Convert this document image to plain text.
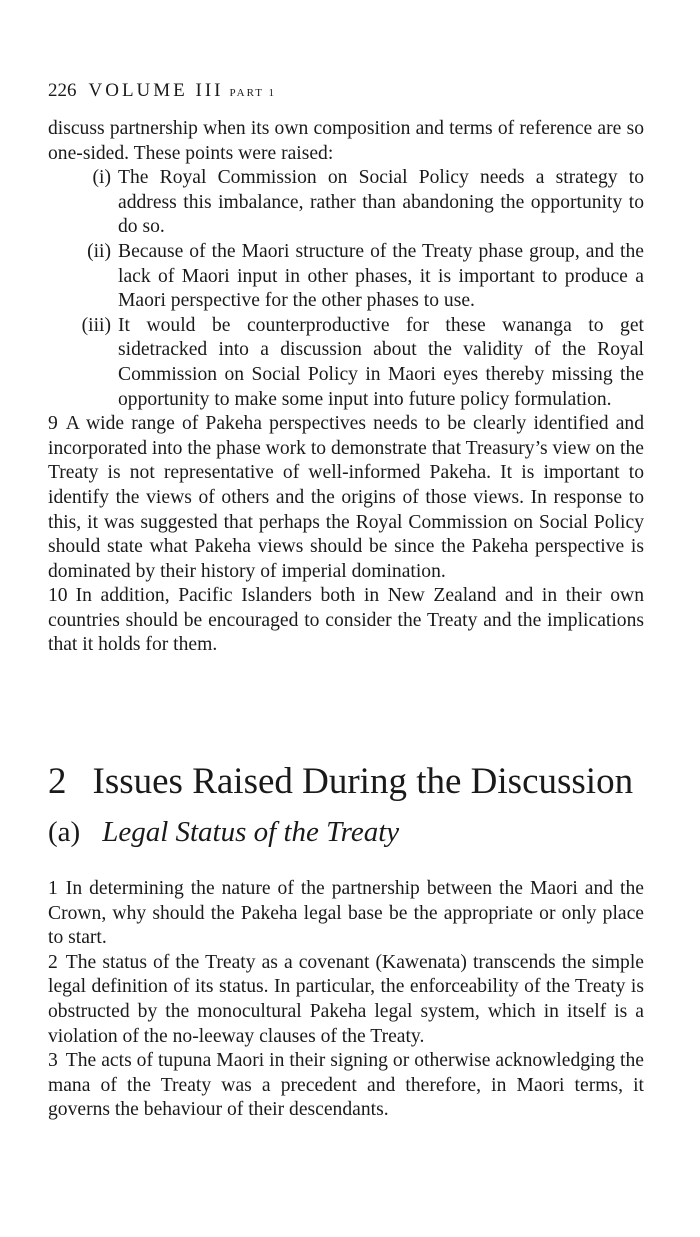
226 VOLUME III PART 1

discuss partnership when its own composition and terms of reference are so one-sided. These points were raised:

(i) The Royal Commission on Social Policy needs a strategy to address this imbalance, rather than abandoning the opportunity to do so.
(ii) Because of the Maori structure of the Treaty phase group, and the lack of Maori input in other phases, it is important to produce a Maori perspective for the other phases to use.
(iii) It would be counterproductive for these wananga to get sidetracked into a discussion about the validity of the Royal Commission on Social Policy in Maori eyes thereby missing the opportunity to make some input into future policy formulation.

9 A wide range of Pakeha perspectives needs to be clearly identified and incorporated into the phase work to demonstrate that Treasury’s view on the Treaty is not representative of well-informed Pakeha. It is important to identify the views of others and the origins of those views. In response to this, it was suggested that perhaps the Royal Commission on Social Policy should state what Pakeha views should be since the Pakeha perspective is dominated by their history of imperial domination.

10 In addition, Pacific Islanders both in New Zealand and in their own countries should be encouraged to consider the Treaty and the implications that it holds for them.

2 Issues Raised During the Discussion
(a) Legal Status of the Treaty

1 In determining the nature of the partnership between the Maori and the Crown, why should the Pakeha legal base be the appropriate or only place to start.

2 The status of the Treaty as a covenant (Kawenata) transcends the simple legal definition of its status. In particular, the enforceability of the Treaty is obstructed by the monocultural Pakeha legal system, which in itself is a violation of the no-leeway clauses of the Treaty.

3 The acts of tupuna Maori in their signing or otherwise acknowledging the mana of the Treaty was a precedent and therefore, in Maori terms, it governs the behaviour of their descendants.
